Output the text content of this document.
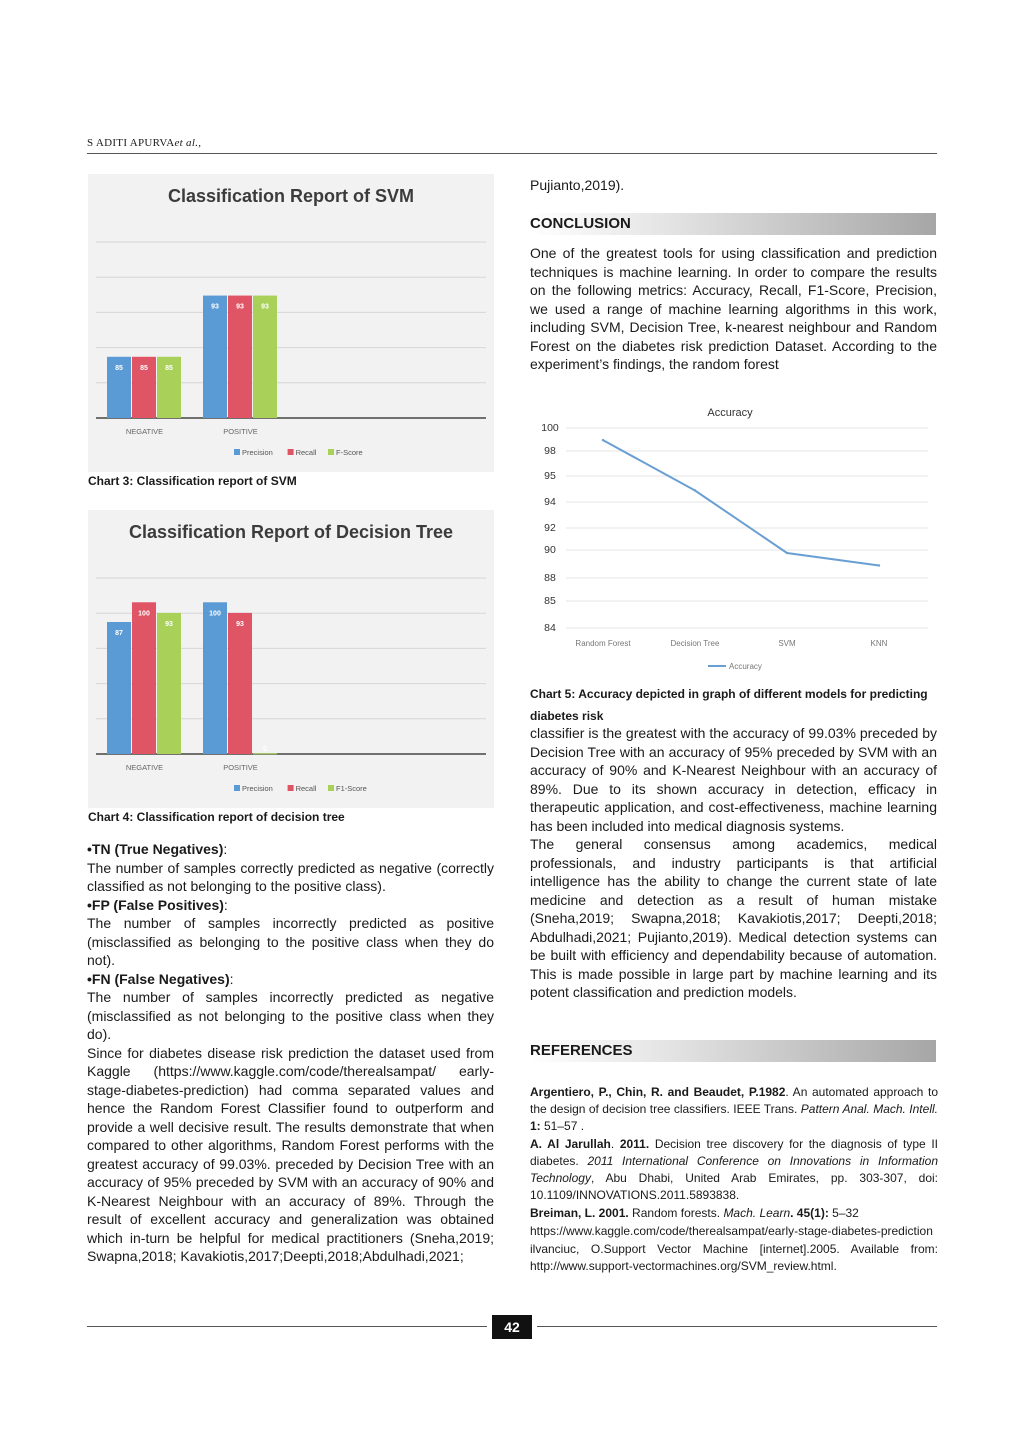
S ADITI APURVAet al.,
Classification Report of SVM
85 85 85
NEGATIVE
93 93 93
POSITIVE
Precision	Recall	F-Score
Chart 3: Classification report of SVM
Classification Report of Decision Tree
87
100
93
NEGATIVE
100
93
0
POSITIVE
Precision	Recall	F1-Score
Chart 4: Classification report of decision tree

•TN (True Negatives):

The number of samples correctly predicted as negative (correctly classified as not belonging to the positive class).

•FP (False Positives):

The number of samples incorrectly predicted as positive (misclassified as belonging to the positive class when they do not).

•FN (False Negatives):

The number of samples incorrectly predicted as negative (misclassified as not belonging to the positive class when they do).

Since for diabetes disease risk prediction the dataset used from Kaggle (https://www.kaggle.com/code/therealsampat/ early-stage-diabetes-prediction) had comma separated values and hence the Random Forest Classifier found to outperform and provide a well decisive result. The results demonstrate that when compared to other algorithms, Random Forest performs with the greatest accuracy of 99.03%. preceded by Decision Tree with an accuracy of 95% preceded by SVM with an accuracy of 90% and K-Nearest Neighbour with an accuracy of 89%. Through the result of excellent accuracy and generalization was obtained which in-turn be helpful for medical practitioners (Sneha,2019; Swapna,2018; Kavakiotis,2017;Deepti,2018;Abdulhadi,2021;

Pujianto,2019).
CONCLUSION
One of the greatest tools for using classification and prediction techniques is machine learning. In order to compare the results on the following metrics: Accuracy, Recall, F1-Score, Precision, we used a range of machine learning algorithms in this work, including SVM, Decision Tree, k-nearest neighbour and Random Forest on the diabetes risk prediction Dataset. According to the experiment’s findings, the random forest
Accuracy
100
98
95
94
92
90
88
85
84
Random Forest	Decision Tree	SVM	KNN
Accuracy
Chart 5: Accuracy depicted in graph of different models for predicting diabetes risk

classifier is the greatest with the accuracy of 99.03% preceded by Decision Tree with an accuracy of 95% preceded by SVM with an accuracy of 90% and K-Nearest Neighbour with an accuracy of 89%. Due to its shown accuracy in detection, efficacy in therapeutic application, and cost-effectiveness, machine learning has been included into medical diagnosis systems.

The general consensus among academics, medical professionals, and industry participants is that artificial intelligence has the ability to change the current state of late medicine and detection as a result of human mistake (Sneha,2019; Swapna,2018; Kavakiotis,2017; Deepti,2018; Abdulhadi,2021; Pujianto,2019). Medical detection systems can be built with efficiency and dependability because of automation. This is made possible in large part by machine learning and its potent classification and prediction models.

REFERENCES

Argentiero, P., Chin, R. and Beaudet, P.1982. An automated approach to the design of decision tree classifiers. IEEE Trans. Pattern Anal. Mach. Intell. 1: 51–57 .

A. Al Jarullah. 2011. Decision tree discovery for the diagnosis of type II diabetes. 2011 International Conference on Innovations in Information Technology, Abu Dhabi, United Arab Emirates, pp. 303-307, doi: 10.1109/INNOVATIONS.2011.5893838.

Breiman, L. 2001. Random forests. Mach. Learn. 45(1): 5–32

https://www.kaggle.com/code/therealsampat/early-stage-diabetes-prediction

ilvanciuc, O.Support Vector Machine [internet].2005. Available from: http://www.support-vectormachines.org/SVM_review.html.

42
